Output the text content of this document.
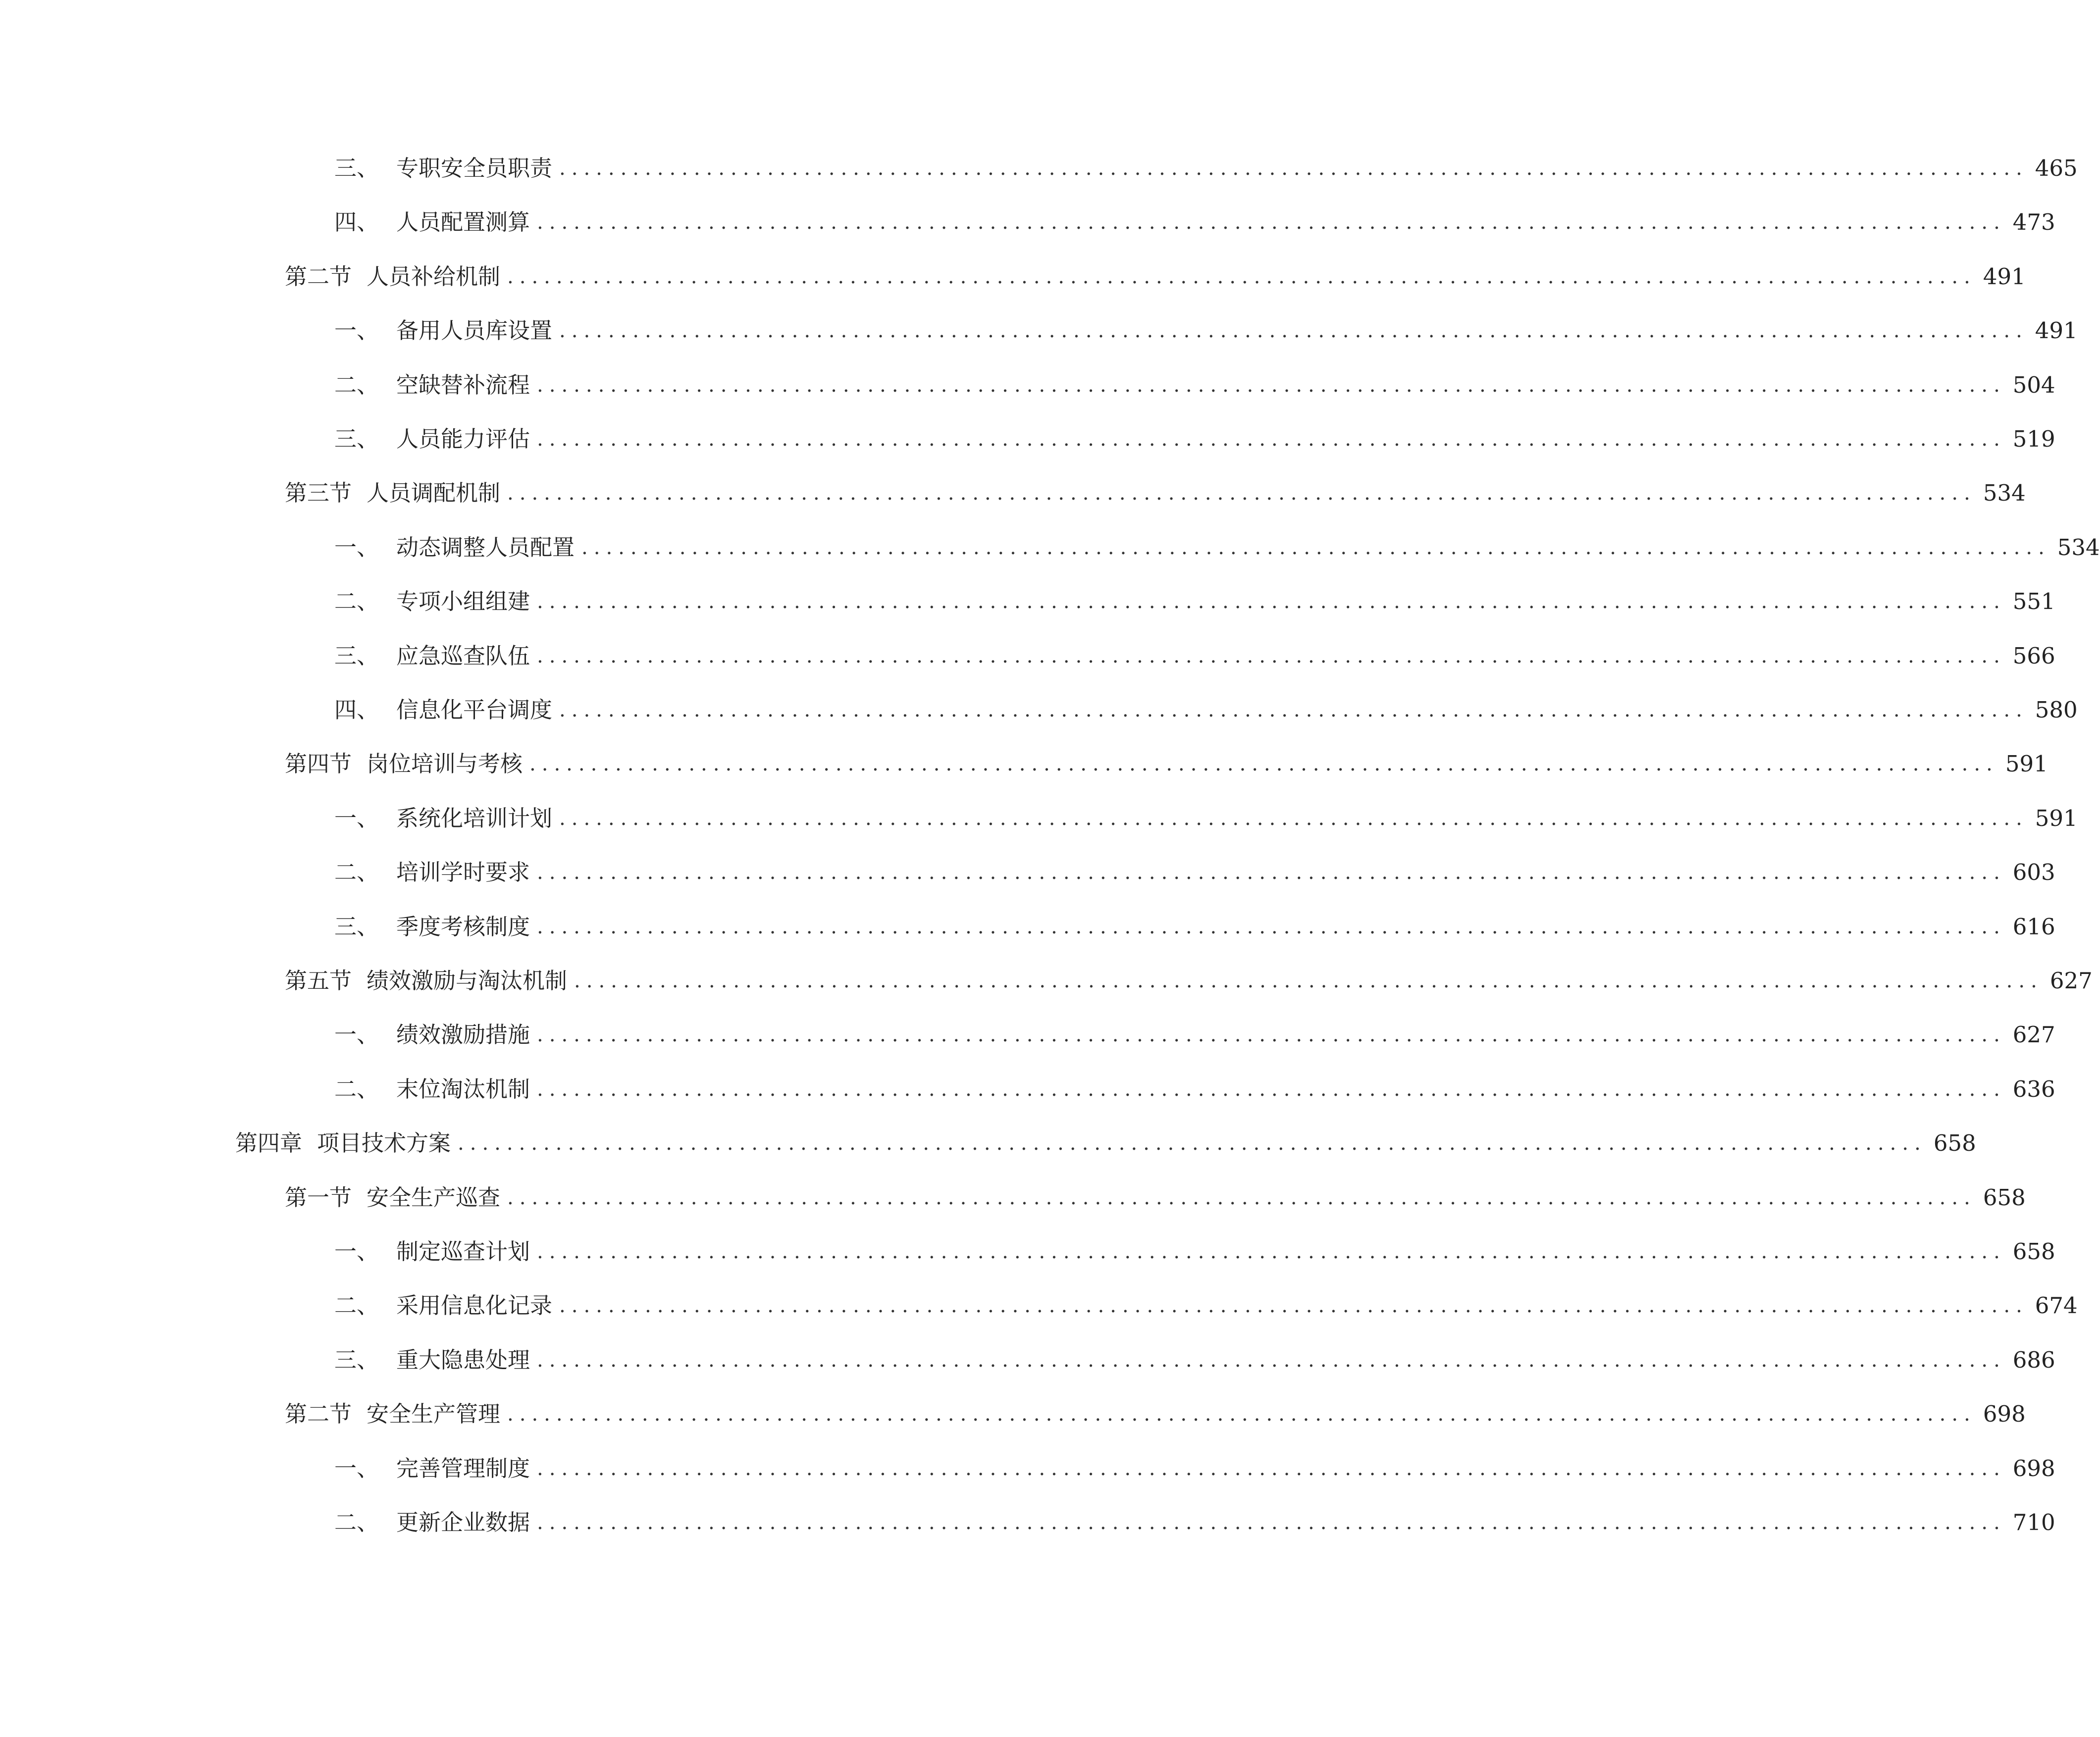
三、 专职安全员职责 ........................................................................................................................ 465
四、 人员配置测算 ........................................................................................................................ 473
第二节 人员补给机制 ........................................................................................................................ 491
一、 备用人员库设置 ........................................................................................................................ 491
二、 空缺替补流程 ........................................................................................................................ 504
三、 人员能力评估 ........................................................................................................................ 519
第三节 人员调配机制 ........................................................................................................................ 534
一、 动态调整人员配置 ........................................................................................................................ 534
二、 专项小组组建 ........................................................................................................................ 551
三、 应急巡查队伍 ........................................................................................................................ 566
四、 信息化平台调度 ........................................................................................................................ 580
第四节 岗位培训与考核 ........................................................................................................................ 591
一、 系统化培训计划 ........................................................................................................................ 591
二、 培训学时要求 ........................................................................................................................ 603
三、 季度考核制度 ........................................................................................................................ 616
第五节 绩效激励与淘汰机制 ........................................................................................................................ 627
一、 绩效激励措施 ........................................................................................................................ 627
二、 末位淘汰机制 ........................................................................................................................ 636
第四章 项目技术方案 ........................................................................................................................ 658
第一节 安全生产巡查 ........................................................................................................................ 658
一、 制定巡查计划 ........................................................................................................................ 658
二、 采用信息化记录 ........................................................................................................................ 674
三、 重大隐患处理 ........................................................................................................................ 686
第二节 安全生产管理 ........................................................................................................................ 698
一、 完善管理制度 ........................................................................................................................ 698
二、 更新企业数据 ........................................................................................................................ 710
